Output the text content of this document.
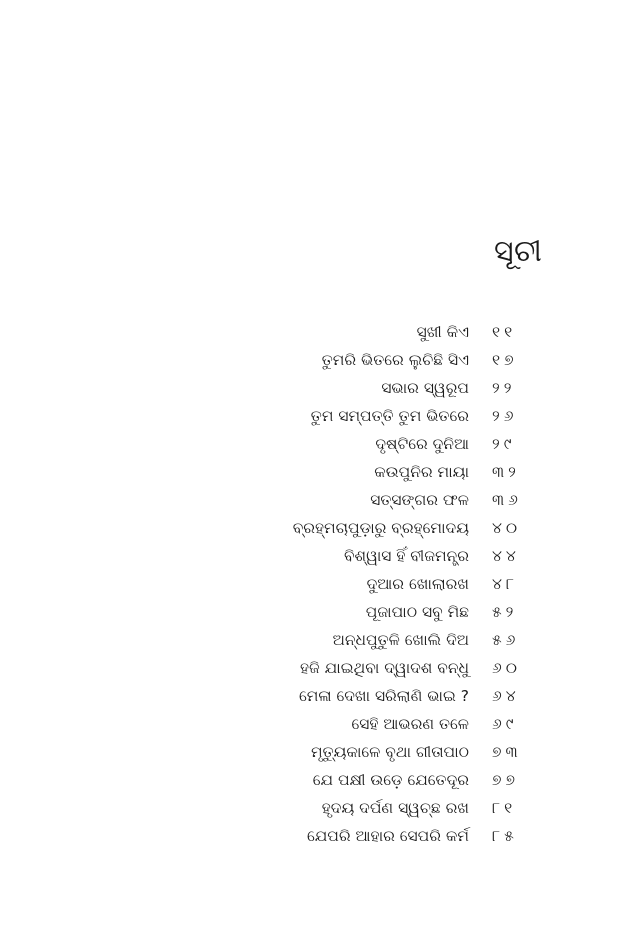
ସୂଚୀ
ସୁଖୀ କିଏ ୧୧
ତୁମରି ଭିତରେ ଲୁଚିଛି ସିଏ ୧୭
ସଭାର ସ୍ୱରୂପ ୨୨
ତୁମ ସମ୍ପତ୍ତି ତୁମ ଭିତରେ ୨୬
ଦୃଷ୍ଟିରେ ଦୁନିଆ ୨୯
କଉପୁନିର ମାୟା ୩୨
ସତ୍‌ସଙ୍ଗର ଫଳ ୩୬
ବ୍ରହ୍ମଚାପୁଡ଼ାରୁ ବ୍ରହ୍ମୋଦୟ ୪୦
ବିଶ୍ୱାସ ହିଁ ବୀଜମନ୍ତ୍ର ୪୪
ଦୁଆର ଖୋଲାରଖ ୪୮
ପୂଜାପାଠ ସବୁ ମିଛ ୫୨
ଅନ୍ଧପୁତୁଳି ଖୋଲି ଦିଅ ୫୬
ହଜି ଯାଇଥିବା ଦ୍ୱାଦଶ ବନ୍ଧୁ ୬୦
ମେଳା ଦେଖା ସରିଲାଣି ଭାଇ ? ୬୪
ସେହି ଆଭରଣ ତଳେ ୬୯
ମୃତ୍ୟୁକାଳେ ବୃଥା ଗୀତାପାଠ ୭୩
ଯେ ପକ୍ଷୀ ଉଡ଼େ ଯେତେଦୂର ୭୭
ହୃଦୟ ଦର୍ପଣ ସ୍ୱଚ୍ଛ ରଖ ୮୧
ଯେପରି ଆହାର ସେପରି କର୍ମ ୮୫
